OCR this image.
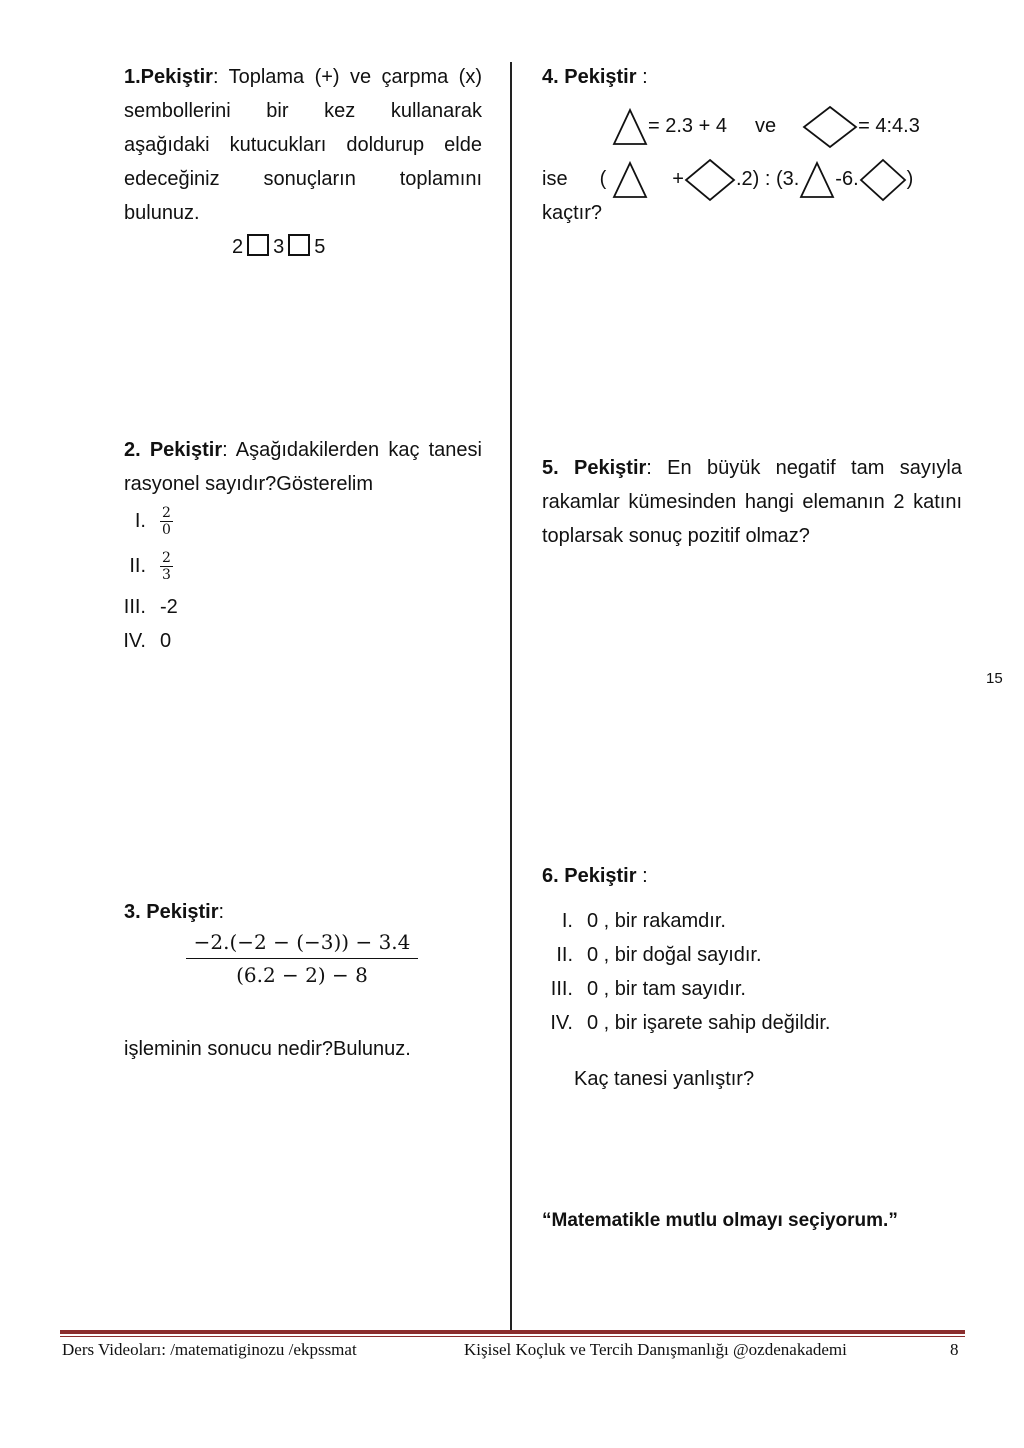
1.Pekiştir: Toplama (+) ve çarpma (x) sembollerini bir kez kullanarak aşağıdaki kutucukları doldurup elde edeceğiniz sonuçların toplamını bulunuz.
2 3 5
2. Pekiştir: Aşağıdakilerden kaç tanesi rasyonel sayıdır?Gösterelim
I. $\frac{2}{0}$
II. $\frac{2}{3}$
III. -2
IV. 0
3. Pekiştir:
$\frac{-2.(-2 - (-3)) - 3.4}{(6.2 - 2) - 8}$
işleminin sonucu nedir?Bulunuz.
4. Pekiştir :
= 2.3 + 4 ve	= 4:4.3
ise (	+	.2) : (3. -6. )
kaçtır?
5. Pekiştir: En büyük negatif tam sayıyla rakamlar kümesinden hangi elemanın 2 katını toplarsak sonuç pozitif olmaz?
15
6. Pekiştir :
I. 0 , bir rakamdır.
II. 0 , bir doğal sayıdır.
III. 0 , bir tam sayıdır.
IV. 0 , bir işarete sahip değildir.
Kaç tanesi yanlıştır?
“Matematikle mutlu olmayı seçiyorum.”
Ders Videoları: /matematiginozu /ekpssmat	Kişisel Koçluk ve Tercih Danışmanlığı @ozdenakademi	8
